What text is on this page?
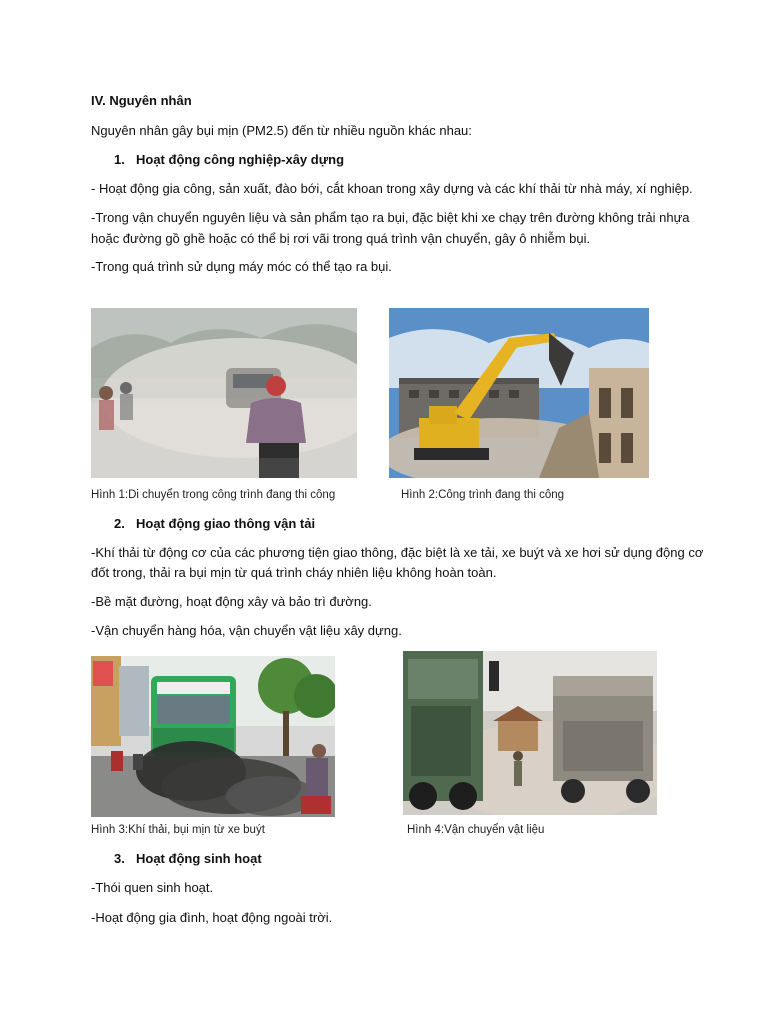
IV. Nguyên nhân
Nguyên nhân gây bụi mịn (PM2.5) đến từ nhiều nguồn khác nhau:
1. Hoạt động công nghiệp-xây dựng
- Hoạt động gia công, sản xuất, đào bới, cắt khoan trong xây dựng và các khí thải từ nhà máy, xí nghiệp.
-Trong vận chuyển nguyên liệu và sản phẩm tạo ra bụi, đặc biệt khi xe chạy trên đường không trải nhựa
hoặc đường gồ ghề hoặc có thể bị rơi vãi trong quá trình vận chuyển, gây ô nhiễm bụi.
-Trong quá trình sử dụng máy móc có thể tạo ra bụi.
Hình 1:Di chuyển trong công trình đang thi công	Hình 2:Công trình đang thi công
2. Hoạt động giao thông vận tải
-Khí thải từ động cơ của các phương tiện giao thông, đặc biệt là xe tải, xe buýt và xe hơi sử dụng động cơ
đốt trong, thải ra bụi mịn từ quá trình cháy nhiên liệu không hoàn toàn.
-Bề mặt đường, hoạt động xây và bảo trì đường.
-Vận chuyển hàng hóa, vận chuyển vật liệu xây dựng.
Hình 3:Khí thải, bụi mịn từ xe buýt	Hình 4:Vận chuyển vật liệu
3. Hoạt động sinh hoạt
-Thói quen sinh hoạt.
-Hoạt động gia đình, hoạt động ngoài trời.
